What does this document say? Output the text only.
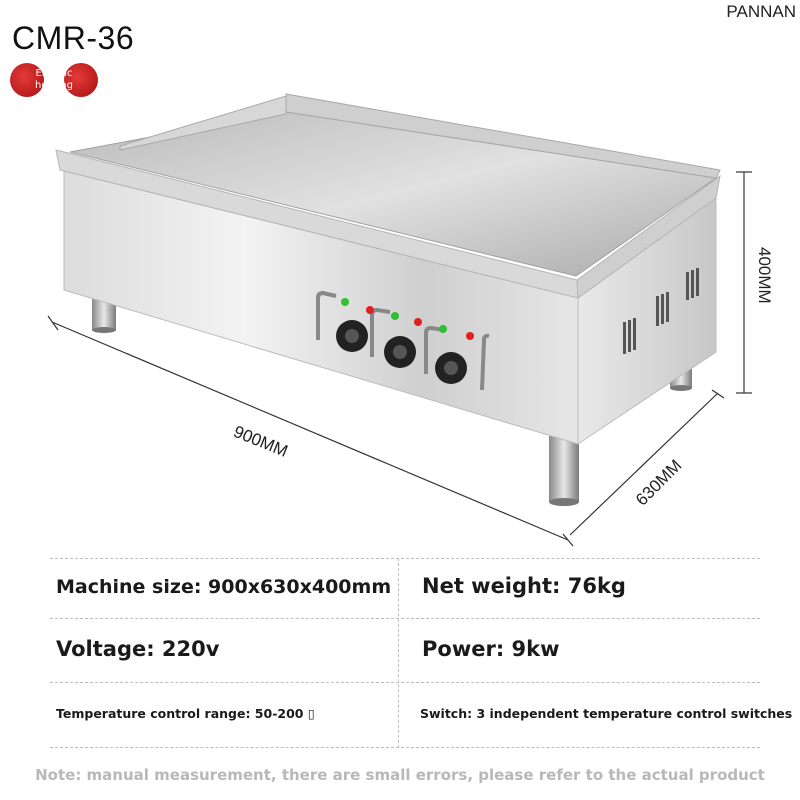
CMR-36
PANNAN
Electric
heating
900MM
630MM
400MM
Machine size: 900x630x400mm Net weight: 76kg
Voltage: 220v	Power: 9kw
Temperature control range: 50-200 ▯	Switch: 3 independent temperature control switches
Note: manual measurement, there are small errors, please refer to the actual product
